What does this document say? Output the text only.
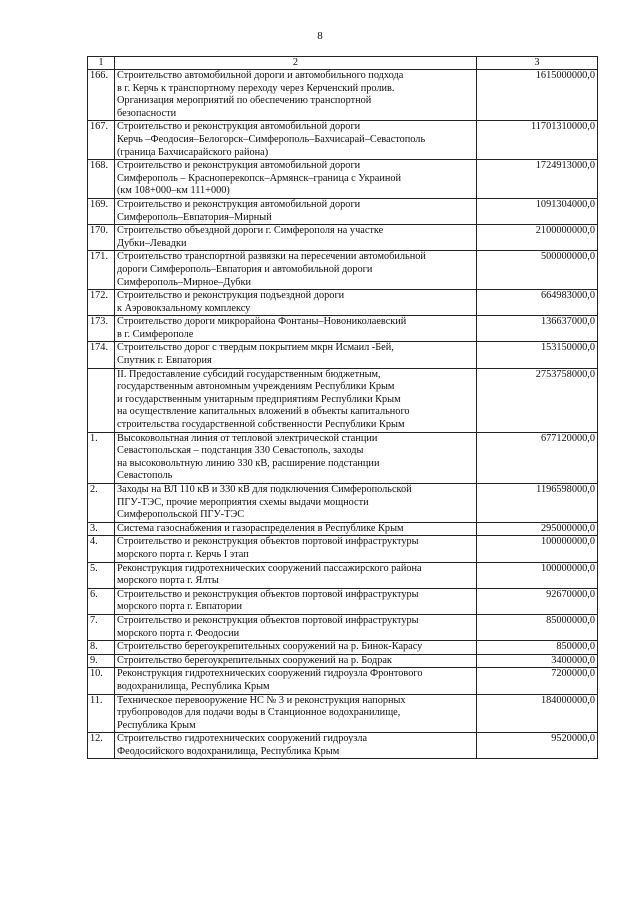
8
1	2	3
166.	Строительство автомобильной дороги и автомобильного подхода
в г. Керчь к транспортному переходу через Керченский пролив.
Организация мероприятий по обеспечению транспортной
безопасности	1615000000,0
167.	Строительство и реконструкция автомобильной дороги
Керчь –Феодосия–Белогорск–Симферополь–Бахчисарай–Севастополь
(граница Бахчисарайского района)	11701310000,0
168.	Строительство и реконструкция автомобильной дороги
Симферополь – Красноперекопск–Армянск–граница с Украиной
(км 108+000–км 111+000)	1724913000,0
169.	Строительство и реконструкция автомобильной дороги
Симферополь–Евпатория–Мирный	1091304000,0
170.	Строительство объездной дороги г. Симферополя на участке
Дубки–Левадки	2100000000,0
171.	Строительство транспортной развязки на пересечении автомобильной
дороги Симферополь–Евпатория и автомобильной дороги
Симферополь–Мирное–Дубки	500000000,0
172.	Строительство и реконструкция подъездной дороги
к Аэровокзальному комплексу	664983000,0
173.	Строительство дороги микрорайона Фонтаны–Новониколаевский
в г. Симферополе	136637000,0
174.	Строительство дорог с твердым покрытием мкрн Исмаил -Бей,
Спутник г. Евпатория	153150000,0
	II. Предоставление субсидий государственным бюджетным,
государственным автономным учреждениям Республики Крым
и государственным унитарным предприятиям Республики Крым
на осуществление капитальных вложений в объекты капитального
строительства государственной собственности Республики Крым	2753758000,0
1.	Высоковольтная линия от тепловой электрической станции
Севастопольская – подстанция 330 Севастополь, заходы
на высоковольтную линию 330 кВ, расширение подстанции
Севастополь	677120000,0
2.	Заходы на ВЛ 110 кВ и 330 кВ для подключения Симферопольской
ПГУ-ТЭС, прочие мероприятия схемы выдачи мощности
Симферопольской ПГУ-ТЭС	1196598000,0
3.	Система газоснабжения и газораспределения в Республике Крым	295000000,0
4.	Строительство и реконструкция объектов портовой инфраструктуры
морского порта г. Керчь I этап	100000000,0
5.	Реконструкция гидротехнических сооружений пассажирского района
морского порта г. Ялты	100000000,0
6.	Строительство и реконструкция объектов портовой инфраструктуры
морского порта г. Евпатории	92670000,0
7.	Строительство и реконструкция объектов портовой инфраструктуры
морского порта г. Феодосии	85000000,0
8.	Строительство берегоукрепительных сооружений на р. Бинок-Карасу	850000,0
9.	Строительство берегоукрепительных сооружений на р. Бодрак	3400000,0
10.	Реконструкция гидротехнических сооружений гидроузла Фронтового
водохранилища, Республика Крым	7200000,0
11.	Техническое перевооружение НС № 3 и реконструкция напорных
трубопроводов для подачи воды в Станционное водохранилище,
Республика Крым	184000000,0
12.	Строительство гидротехнических сооружений гидроузла
Феодосийского водохранилища, Республика Крым	9520000,0
